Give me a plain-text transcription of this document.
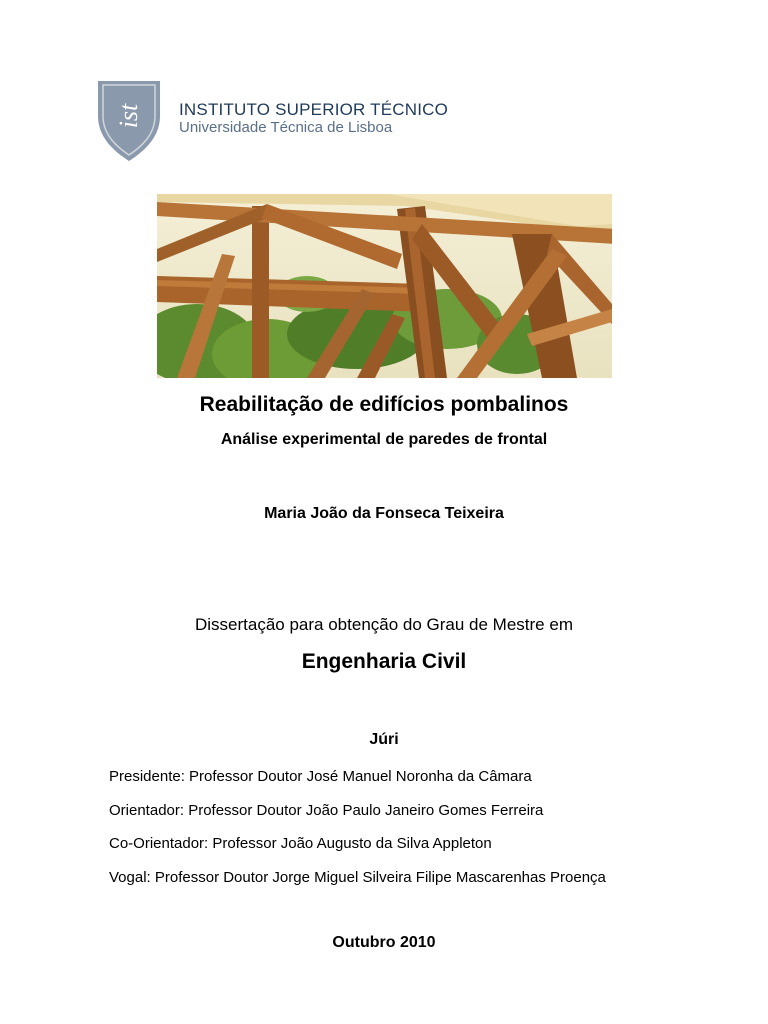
ist INSTITUTO SUPERIOR TÉCNICO
Universidade Técnica de Lisboa
Reabilitação de edifícios pombalinos
Análise experimental de paredes de frontal
Maria João da Fonseca Teixeira
Dissertação para obtenção do Grau de Mestre em
Engenharia Civil
Júri
Presidente: Professor Doutor José Manuel Noronha da Câmara
Orientador: Professor Doutor João Paulo Janeiro Gomes Ferreira
Co-Orientador: Professor João Augusto da Silva Appleton
Vogal: Professor Doutor Jorge Miguel Silveira Filipe Mascarenhas Proença
Outubro 2010
